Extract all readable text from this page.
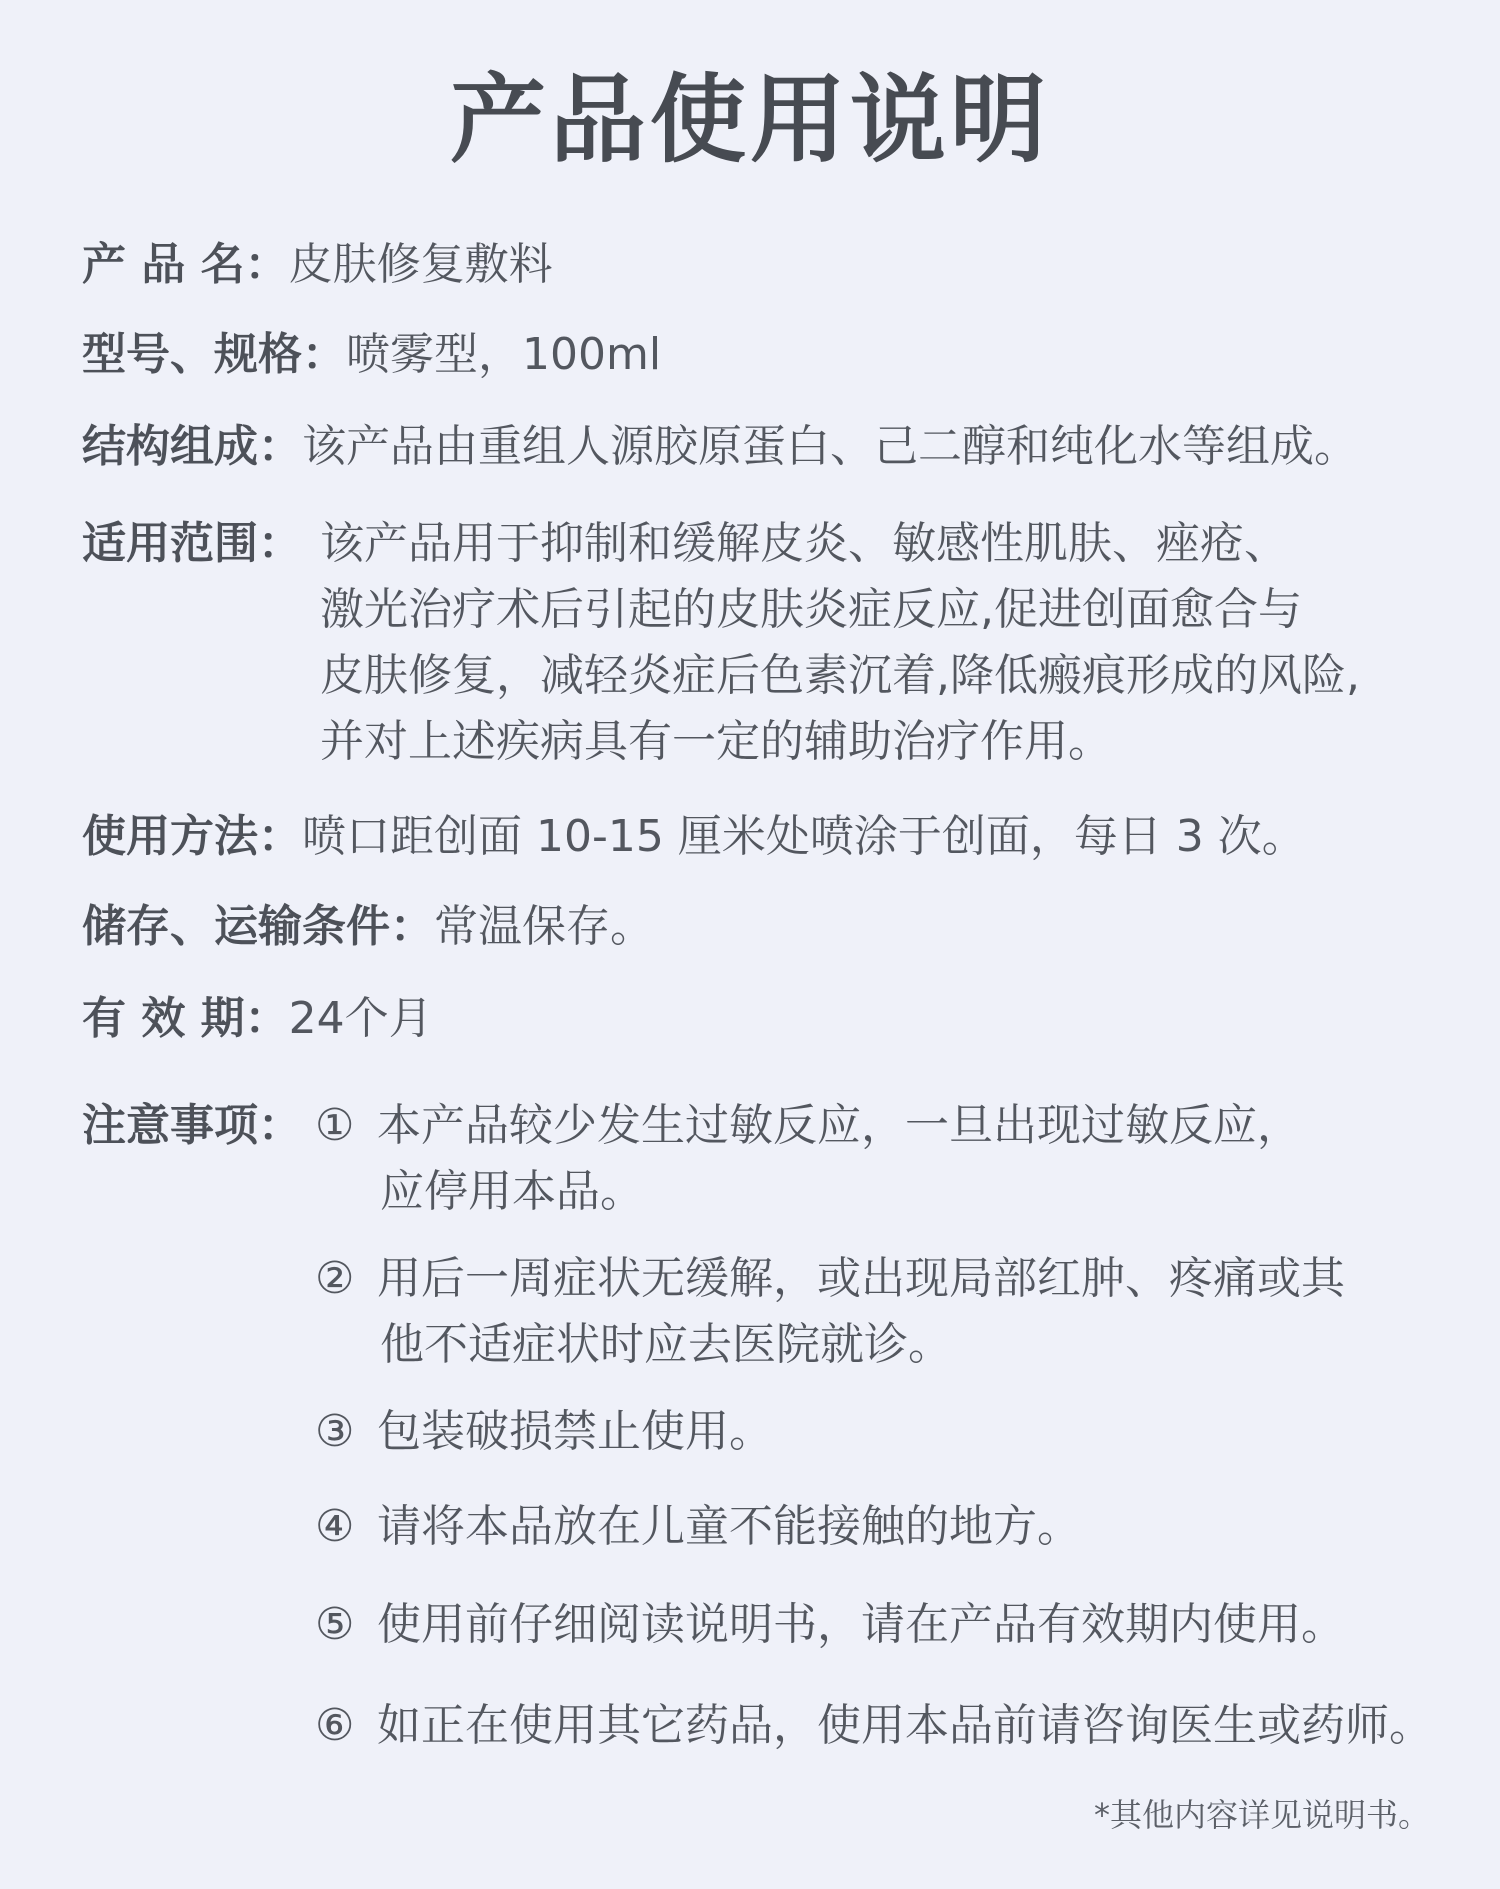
产品使用说明
产 品 名：皮肤修复敷料
型号、规格：喷雾型，100ml
结构组成：该产品由重组人源胶原蛋白、己二醇和纯化水等组成。
适用范围： 该产品用于抑制和缓解皮炎、敏感性肌肤、痤疮、
激光治疗术后引起的皮肤炎症反应,促进创面愈合与
皮肤修复，减轻炎症后色素沉着,降低瘢痕形成的风险,
并对上述疾病具有一定的辅助治疗作用。
使用方法：喷口距创面 10-15 厘米处喷涂于创面，每日 3 次。
储存、运输条件：常温保存。
有 效 期：24个月
注意事项： ① 本产品较少发生过敏反应，一旦出现过敏反应，
应停用本品。
② 用后一周症状无缓解，或出现局部红肿、疼痛或其
他不适症状时应去医院就诊。
③ 包装破损禁止使用。
④ 请将本品放在儿童不能接触的地方。
⑤ 使用前仔细阅读说明书，请在产品有效期内使用。
⑥ 如正在使用其它药品，使用本品前请咨询医生或药师。
*其他内容详见说明书。
